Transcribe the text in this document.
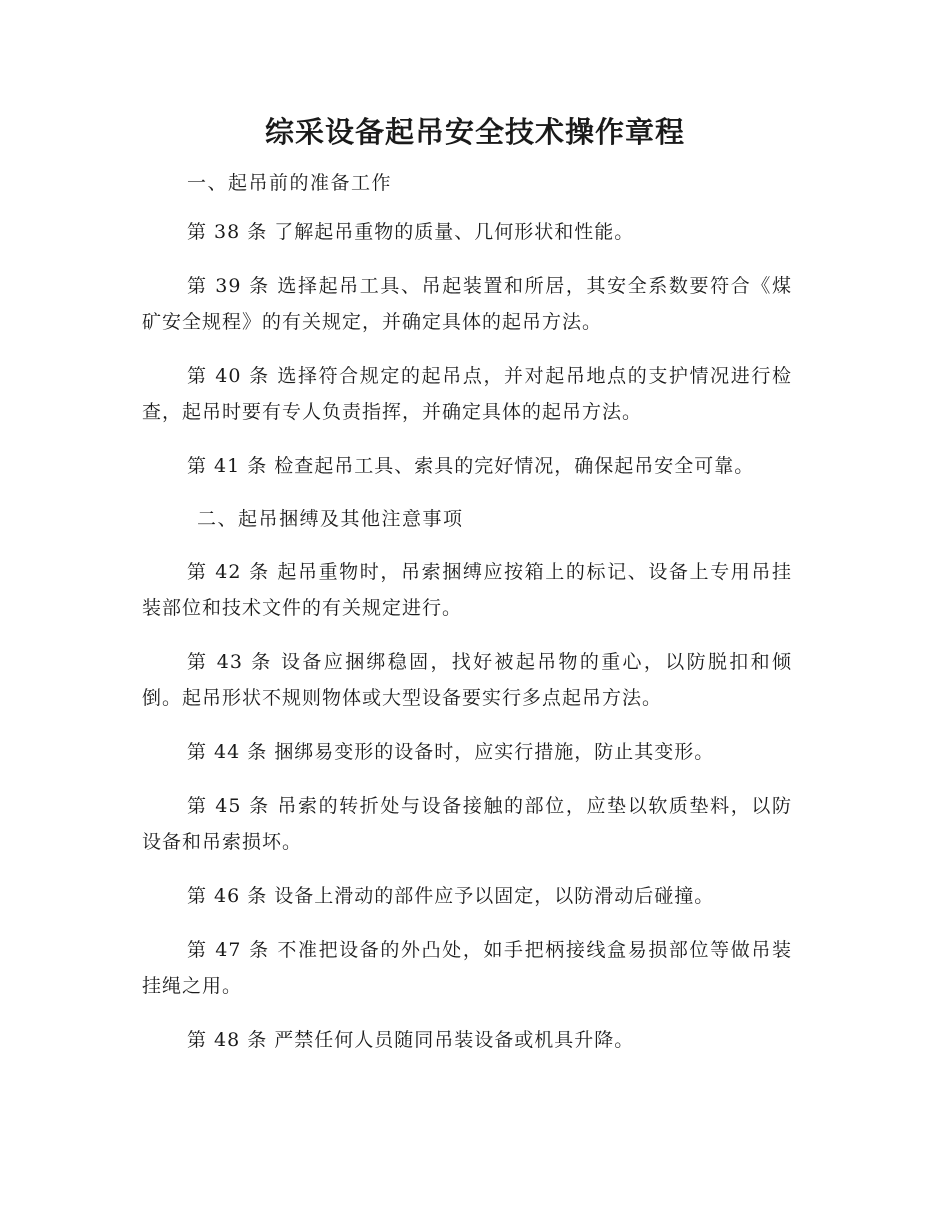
综采设备起吊安全技术操作章程
一、起吊前的准备工作

第 38 条 了解起吊重物的质量、几何形状和性能。

第 39 条 选择起吊工具、吊起装置和所居，其安全系数要符合《煤矿安全规程》的有关规定，并确定具体的起吊方法。

第 40 条 选择符合规定的起吊点，并对起吊地点的支护情况进行检查，起吊时要有专人负责指挥，并确定具体的起吊方法。

第 41 条 检查起吊工具、索具的完好情况，确保起吊安全可靠。

二、起吊捆缚及其他注意事项

第 42 条 起吊重物时，吊索捆缚应按箱上的标记、设备上专用吊挂装部位和技术文件的有关规定进行。

第 43 条 设备应捆绑稳固，找好被起吊物的重心，以防脱扣和倾倒。起吊形状不规则物体或大型设备要实行多点起吊方法。

第 44 条 捆绑易变形的设备时，应实行措施，防止其变形。

第 45 条 吊索的转折处与设备接触的部位，应垫以软质垫料，以防设备和吊索损坏。

第 46 条 设备上滑动的部件应予以固定，以防滑动后碰撞。

第 47 条 不准把设备的外凸处，如手把柄接线盒易损部位等做吊装挂绳之用。

第 48 条 严禁任何人员随同吊装设备或机具升降。
